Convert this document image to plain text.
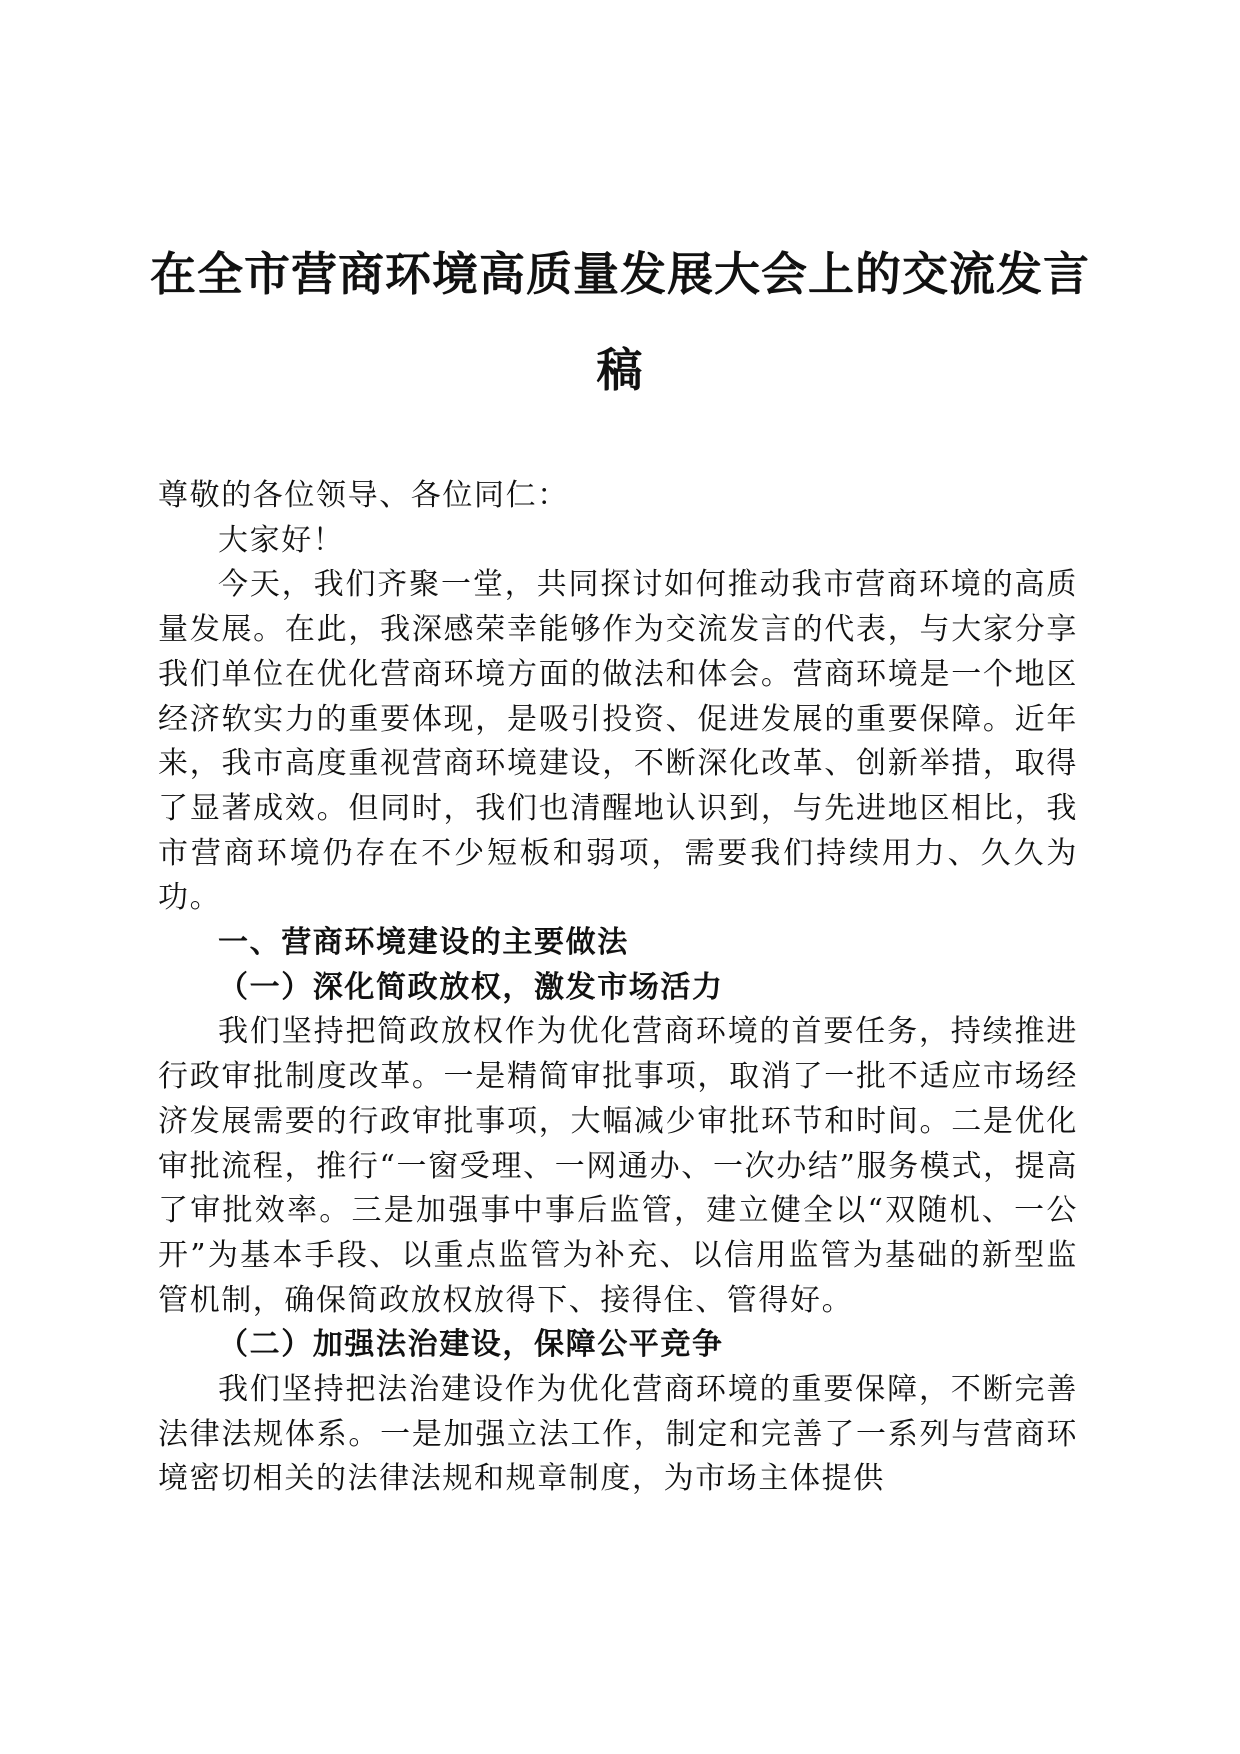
在全市营商环境高质量发展大会上的交流发言稿

尊敬的各位领导、各位同仁：

大家好！

今天，我们齐聚一堂，共同探讨如何推动我市营商环境的高质量发展。在此，我深感荣幸能够作为交流发言的代表，与大家分享我们单位在优化营商环境方面的做法和体会。营商环境是一个地区经济软实力的重要体现，是吸引投资、促进发展的重要保障。近年来，我市高度重视营商环境建设，不断深化改革、创新举措，取得了显著成效。但同时，我们也清醒地认识到，与先进地区相比，我市营商环境仍存在不少短板和弱项，需要我们持续用力、久久为功。

一、营商环境建设的主要做法

（一）深化简政放权，激发市场活力

我们坚持把简政放权作为优化营商环境的首要任务，持续推进行政审批制度改革。一是精简审批事项，取消了一批不适应市场经济发展需要的行政审批事项，大幅减少审批环节和时间。二是优化审批流程，推行“一窗受理、一网通办、一次办结”服务模式，提高了审批效率。三是加强事中事后监管，建立健全以“双随机、一公开”为基本手段、以重点监管为补充、以信用监管为基础的新型监管机制，确保简政放权放得下、接得住、管得好。

（二）加强法治建设，保障公平竞争

我们坚持把法治建设作为优化营商环境的重要保障，不断完善法律法规体系。一是加强立法工作，制定和完善了一系列与营商环境密切相关的法律法规和规章制度，为市场主体提供
